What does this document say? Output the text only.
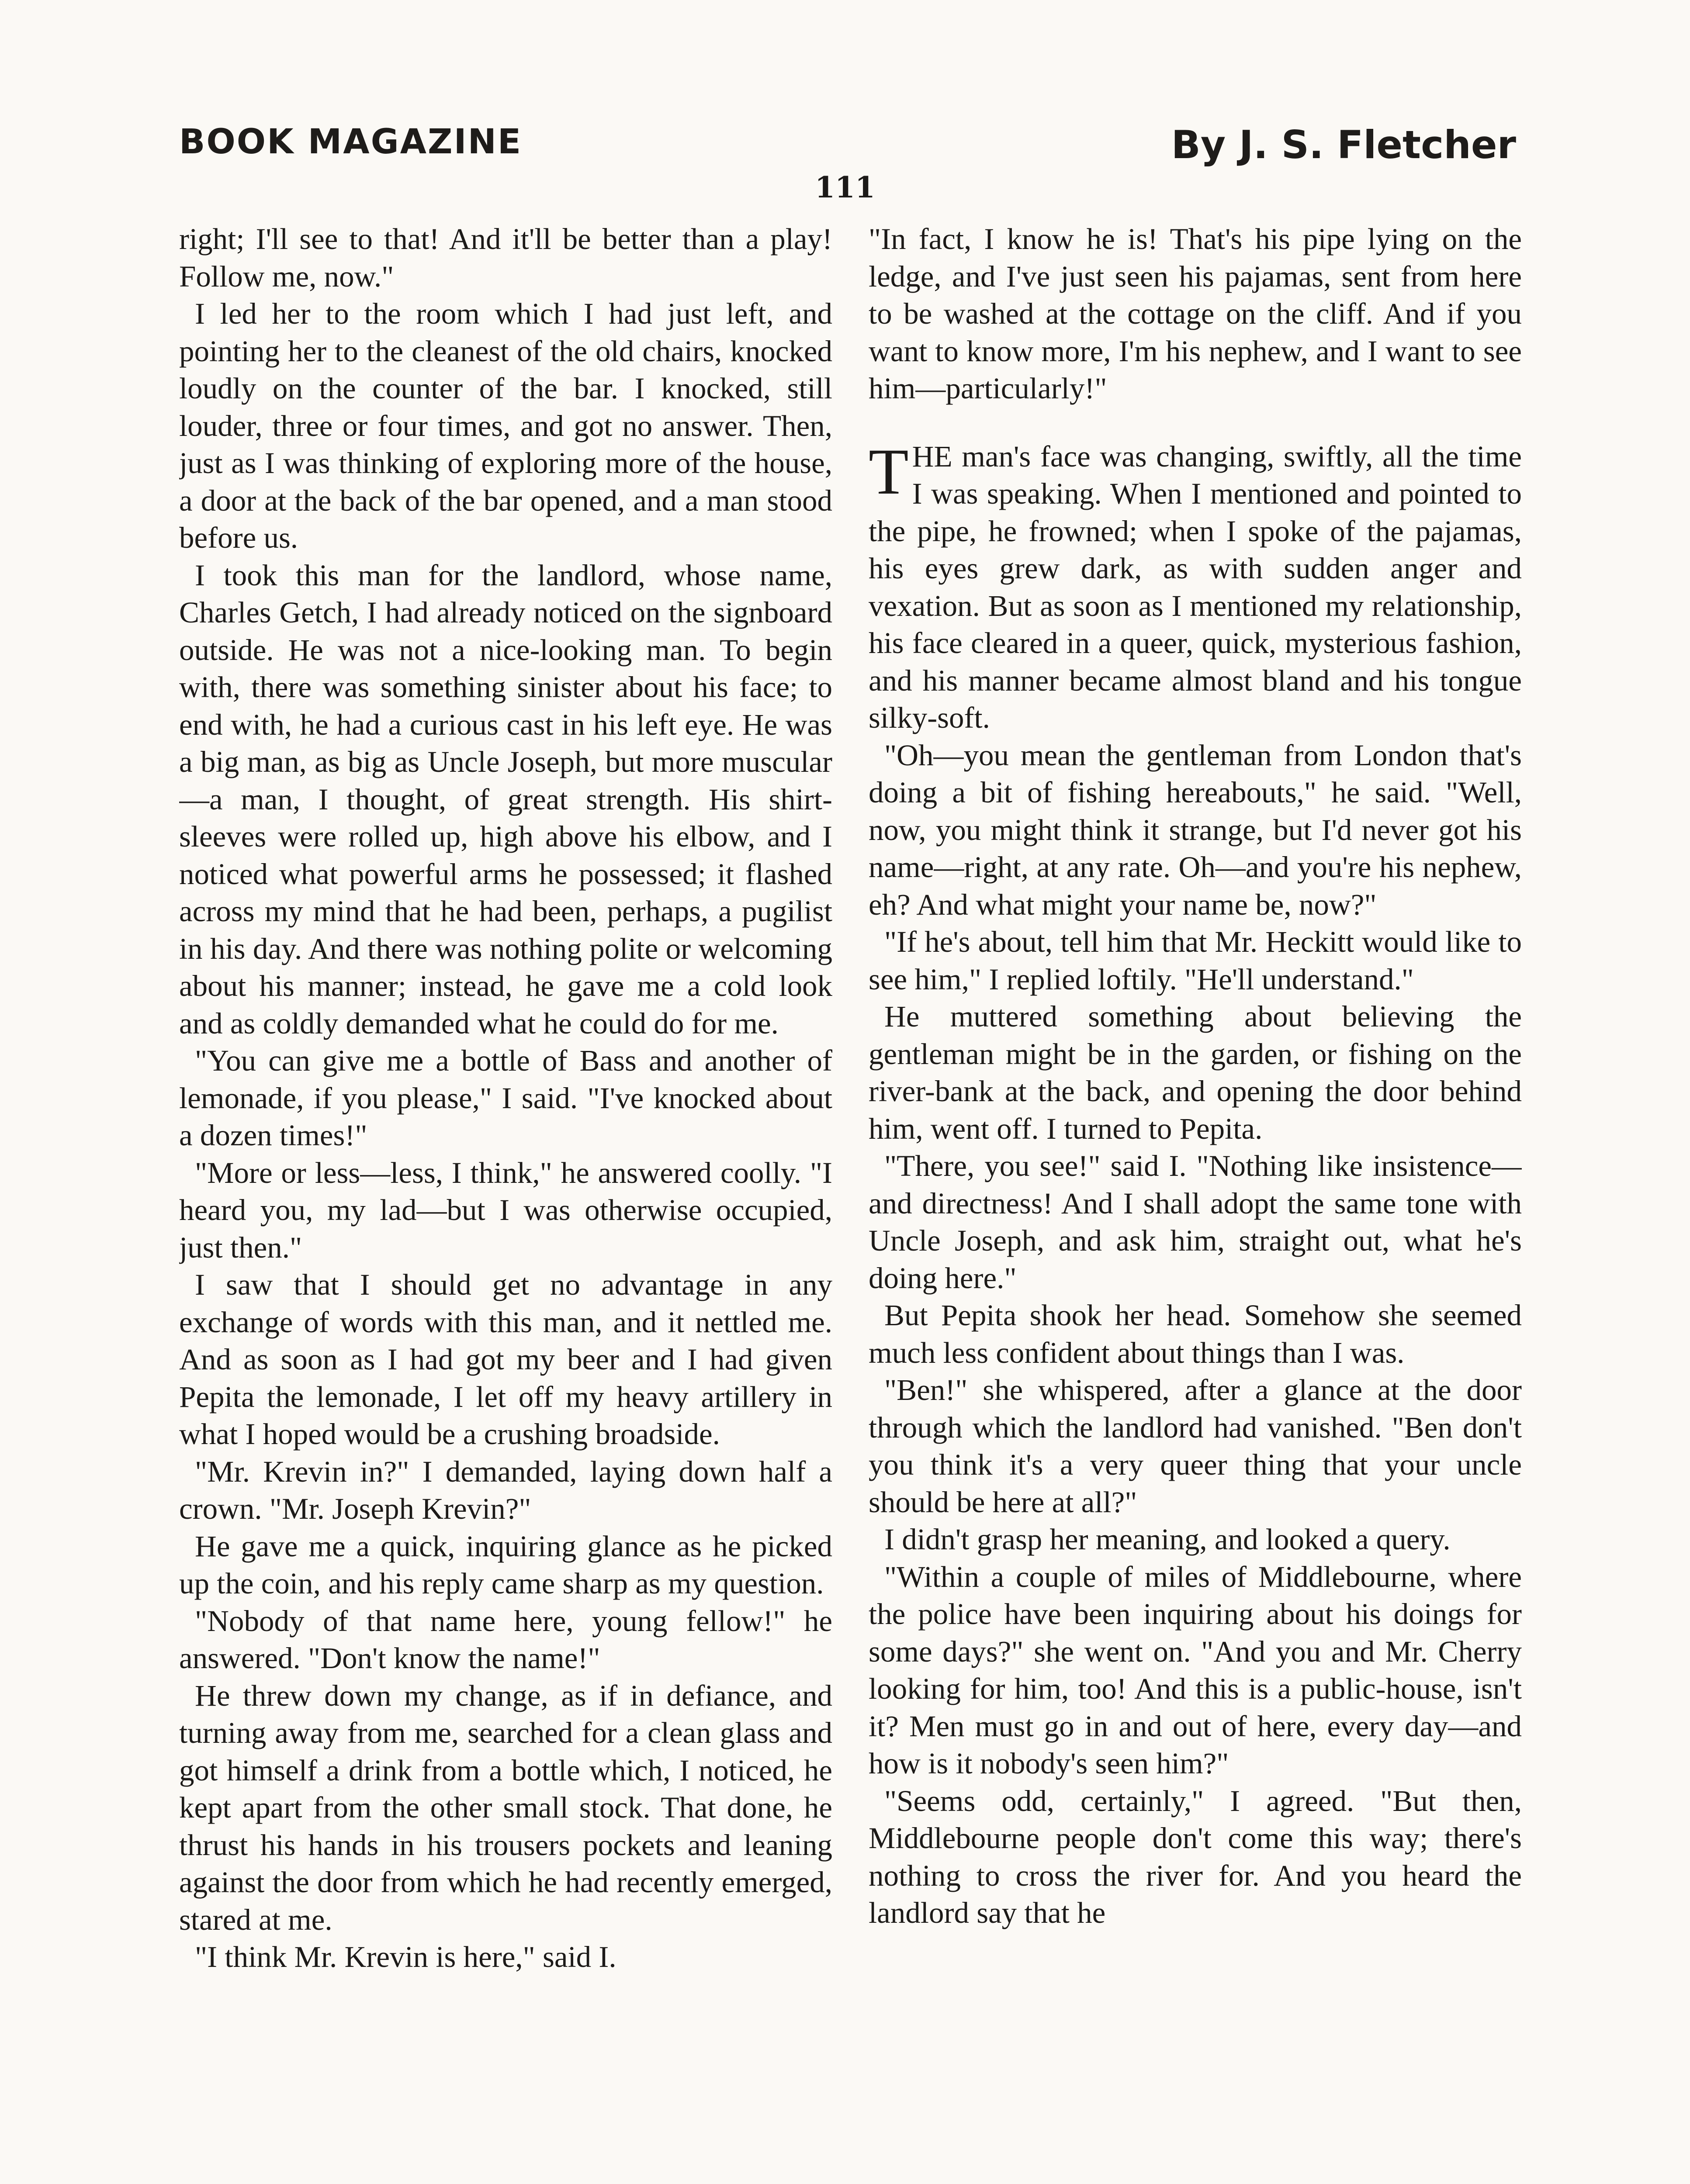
BOOK MAGAZINE	By J. S. Fletcher
111

right; I'll see to that! And it'll be better than a play! Follow me, now."

I led her to the room which I had just left, and pointing her to the cleanest of the old chairs, knocked loudly on the counter of the bar. I knocked, still louder, three or four times, and got no answer. Then, just as I was thinking of exploring more of the house, a door at the back of the bar opened, and a man stood before us.

I took this man for the landlord, whose name, Charles Getch, I had already noticed on the signboard outside. He was not a nice-looking man. To begin with, there was something sinister about his face; to end with, he had a curious cast in his left eye. He was a big man, as big as Uncle Joseph, but more muscular—a man, I thought, of great strength. His shirt-sleeves were rolled up, high above his elbow, and I noticed what powerful arms he possessed; it flashed across my mind that he had been, perhaps, a pugilist in his day. And there was nothing polite or welcoming about his manner; instead, he gave me a cold look and as coldly demanded what he could do for me.

"You can give me a bottle of Bass and another of lemonade, if you please," I said. "I've knocked about a dozen times!"

"More or less—less, I think," he answered coolly. "I heard you, my lad—but I was otherwise occupied, just then."

I saw that I should get no advantage in any exchange of words with this man, and it nettled me. And as soon as I had got my beer and I had given Pepita the lemonade, I let off my heavy artillery in what I hoped would be a crushing broadside.

"Mr. Krevin in?" I demanded, laying down half a crown. "Mr. Joseph Krevin?"

He gave me a quick, inquiring glance as he picked up the coin, and his reply came sharp as my question.

"Nobody of that name here, young fellow!" he answered. "Don't know the name!"

He threw down my change, as if in defiance, and turning away from me, searched for a clean glass and got himself a drink from a bottle which, I noticed, he kept apart from the other small stock. That done, he thrust his hands in his trousers pockets and leaning against the door from which he had recently emerged, stared at me.

"I think Mr. Krevin is here," said I.

"In fact, I know he is! That's his pipe lying on the ledge, and I've just seen his pajamas, sent from here to be washed at the cottage on the cliff. And if you want to know more, I'm his nephew, and I want to see him—particularly!"

THE man's face was changing, swiftly, all the time I was speaking. When I mentioned and pointed to the pipe, he frowned; when I spoke of the pajamas, his eyes grew dark, as with sudden anger and vexation. But as soon as I mentioned my relationship, his face cleared in a queer, quick, mysterious fashion, and his manner became almost bland and his tongue silky-soft.

"Oh—you mean the gentleman from London that's doing a bit of fishing hereabouts," he said. "Well, now, you might think it strange, but I'd never got his name—right, at any rate. Oh—and you're his nephew, eh? And what might your name be, now?"

"If he's about, tell him that Mr. Heckitt would like to see him," I replied loftily. "He'll understand."

He muttered something about believing the gentleman might be in the garden, or fishing on the river-bank at the back, and opening the door behind him, went off. I turned to Pepita.

"There, you see!" said I. "Nothing like insistence—and directness! And I shall adopt the same tone with Uncle Joseph, and ask him, straight out, what he's doing here."

But Pepita shook her head. Somehow she seemed much less confident about things than I was.

"Ben!" she whispered, after a glance at the door through which the landlord had vanished. "Ben don't you think it's a very queer thing that your uncle should be here at all?"

I didn't grasp her meaning, and looked a query.

"Within a couple of miles of Middlebourne, where the police have been inquiring about his doings for some days?" she went on. "And you and Mr. Cherry looking for him, too! And this is a public-house, isn't it? Men must go in and out of here, every day—and how is it nobody's seen him?"

"Seems odd, certainly," I agreed. "But then, Middlebourne people don't come this way; there's nothing to cross the river for. And you heard the landlord say that he
